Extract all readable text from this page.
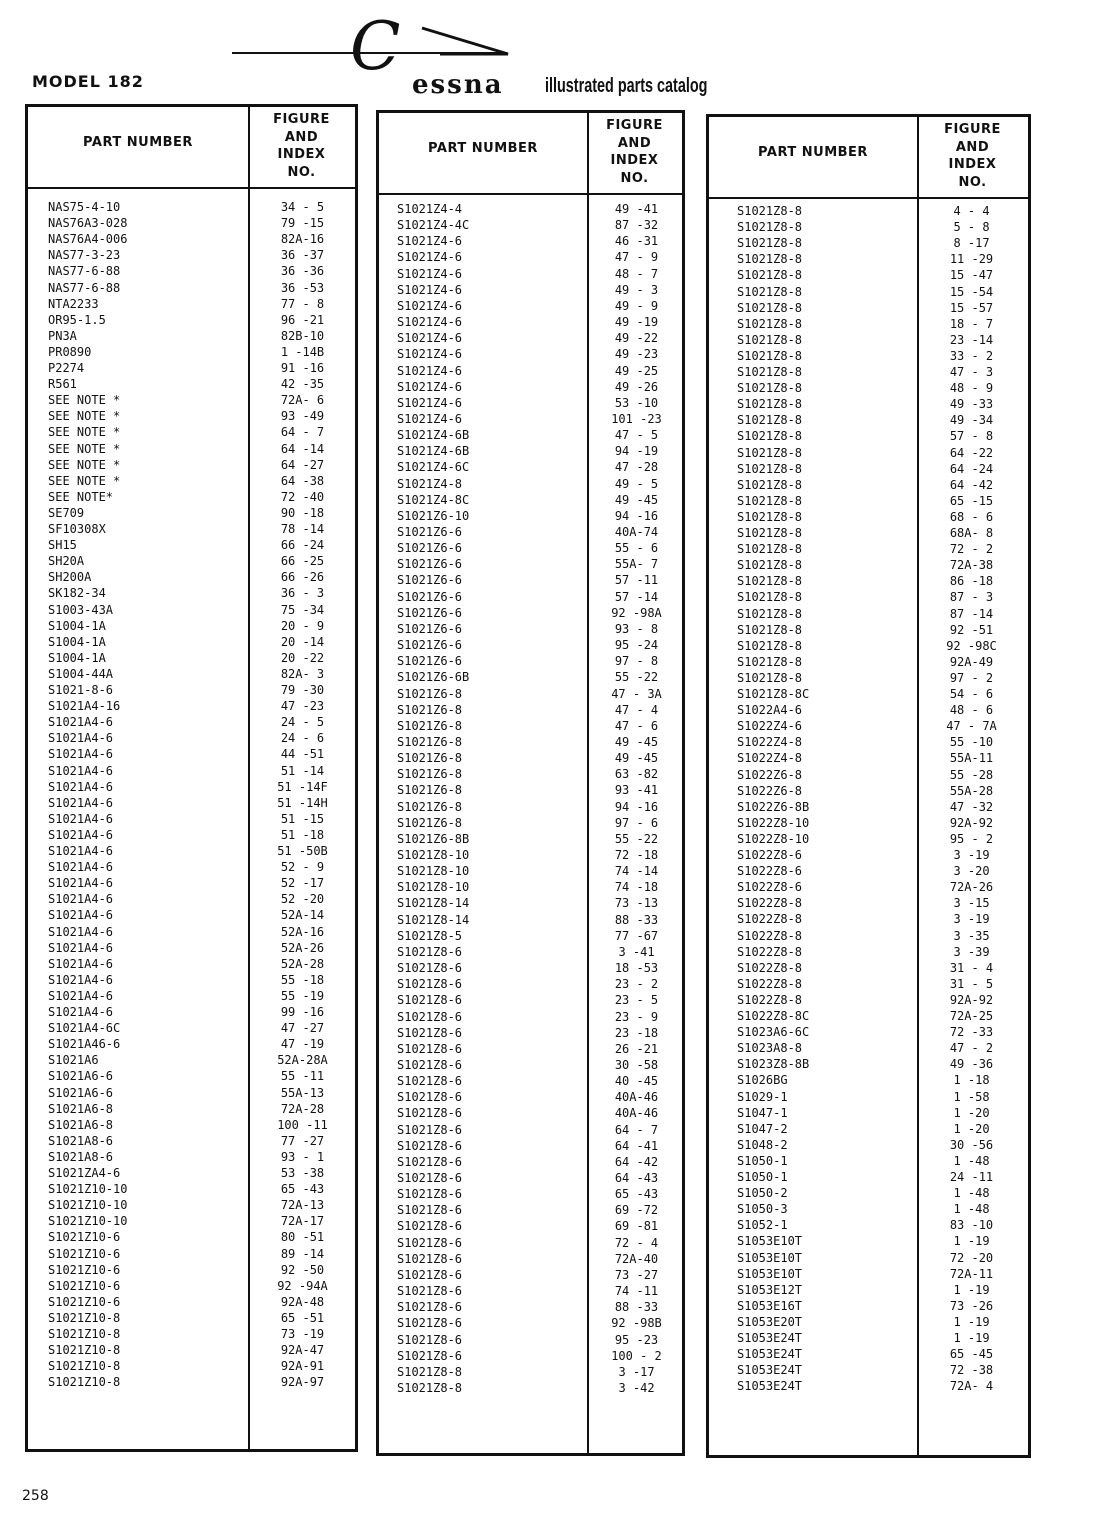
MODEL 182	C essna illustrated parts catalog
PART NUMBER
FIGURE
AND
INDEX
NO.
NAS75-4-10	34 - 5
NAS76A3-028	79 -15
NAS76A4-006	82A-16
NAS77-3-23	36 -37
NAS77-6-88	36 -36
NAS77-6-88	36 -53
NTA2233	77 - 8
OR95-1.5	96 -21
PN3A	82B-10
PR0890	1 -14B
P2274	91 -16
R561	42 -35
SEE NOTE *	72A- 6
SEE NOTE *	93 -49
SEE NOTE *	64 - 7
SEE NOTE *	64 -14
SEE NOTE *	64 -27
SEE NOTE *	64 -38
SEE NOTE*	72 -40
SE709	90 -18
SF10308X	78 -14
SH15	66 -24
SH20A	66 -25
SH200A	66 -26
SK182-34	36 - 3
S1003-43A	75 -34
S1004-1A	20 - 9
S1004-1A	20 -14
S1004-1A	20 -22
S1004-44A	82A- 3
S1021-8-6	79 -30
S1021A4-16	47 -23
S1021A4-6	24 - 5
S1021A4-6	24 - 6
S1021A4-6	44 -51
S1021A4-6	51 -14
S1021A4-6	51 -14F
S1021A4-6	51 -14H
S1021A4-6	51 -15
S1021A4-6	51 -18
S1021A4-6	51 -50B
S1021A4-6	52 - 9
S1021A4-6	52 -17
S1021A4-6	52 -20
S1021A4-6	52A-14
S1021A4-6	52A-16
S1021A4-6	52A-26
S1021A4-6	52A-28
S1021A4-6	55 -18
S1021A4-6	55 -19
S1021A4-6	99 -16
S1021A4-6C	47 -27
S1021A46-6	47 -19
S1021A6	52A-28A
S1021A6-6	55 -11
S1021A6-6	55A-13
S1021A6-8	72A-28
S1021A6-8	100 -11
S1021A8-6	77 -27
S1021A8-6	93 - 1
S1021ZA4-6	53 -38
S1021Z10-10	65 -43
S1021Z10-10	72A-13
S1021Z10-10	72A-17
S1021Z10-6	80 -51
S1021Z10-6	89 -14
S1021Z10-6	92 -50
S1021Z10-6	92 -94A
S1021Z10-6	92A-48
S1021Z10-8	65 -51
S1021Z10-8	73 -19
S1021Z10-8	92A-47
S1021Z10-8	92A-91
S1021Z10-8	92A-97
PART NUMBER
FIGURE
AND
INDEX
NO.
S1021Z4-4	49 -41
S1021Z4-4C	87 -32
S1021Z4-6	46 -31
S1021Z4-6	47 - 9
S1021Z4-6	48 - 7
S1021Z4-6	49 - 3
S1021Z4-6	49 - 9
S1021Z4-6	49 -19
S1021Z4-6	49 -22
S1021Z4-6	49 -23
S1021Z4-6	49 -25
S1021Z4-6	49 -26
S1021Z4-6	53 -10
S1021Z4-6	101 -23
S1021Z4-6B	47 - 5
S1021Z4-6B	94 -19
S1021Z4-6C	47 -28
S1021Z4-8	49 - 5
S1021Z4-8C	49 -45
S1021Z6-10	94 -16
S1021Z6-6	40A-74
S1021Z6-6	55 - 6
S1021Z6-6	55A- 7
S1021Z6-6	57 -11
S1021Z6-6	57 -14
S1021Z6-6	92 -98A
S1021Z6-6	93 - 8
S1021Z6-6	95 -24
S1021Z6-6	97 - 8
S1021Z6-6B	55 -22
S1021Z6-8	47 - 3A
S1021Z6-8	47 - 4
S1021Z6-8	47 - 6
S1021Z6-8	49 -45
S1021Z6-8	49 -45
S1021Z6-8	63 -82
S1021Z6-8	93 -41
S1021Z6-8	94 -16
S1021Z6-8	97 - 6
S1021Z6-8B	55 -22
S1021Z8-10	72 -18
S1021Z8-10	74 -14
S1021Z8-10	74 -18
S1021Z8-14	73 -13
S1021Z8-14	88 -33
S1021Z8-5	77 -67
S1021Z8-6	3 -41
S1021Z8-6	18 -53
S1021Z8-6	23 - 2
S1021Z8-6	23 - 5
S1021Z8-6	23 - 9
S1021Z8-6	23 -18
S1021Z8-6	26 -21
S1021Z8-6	30 -58
S1021Z8-6	40 -45
S1021Z8-6	40A-46
S1021Z8-6	40A-46
S1021Z8-6	64 - 7
S1021Z8-6	64 -41
S1021Z8-6	64 -42
S1021Z8-6	64 -43
S1021Z8-6	65 -43
S1021Z8-6	69 -72
S1021Z8-6	69 -81
S1021Z8-6	72 - 4
S1021Z8-6	72A-40
S1021Z8-6	73 -27
S1021Z8-6	74 -11
S1021Z8-6	88 -33
S1021Z8-6	92 -98B
S1021Z8-6	95 -23
S1021Z8-6	100 - 2
S1021Z8-8	3 -17
S1021Z8-8	3 -42
PART NUMBER
FIGURE
AND
INDEX
NO.
S1021Z8-8	4 - 4
S1021Z8-8	5 - 8
S1021Z8-8	8 -17
S1021Z8-8	11 -29
S1021Z8-8	15 -47
S1021Z8-8	15 -54
S1021Z8-8	15 -57
S1021Z8-8	18 - 7
S1021Z8-8	23 -14
S1021Z8-8	33 - 2
S1021Z8-8	47 - 3
S1021Z8-8	48 - 9
S1021Z8-8	49 -33
S1021Z8-8	49 -34
S1021Z8-8	57 - 8
S1021Z8-8	64 -22
S1021Z8-8	64 -24
S1021Z8-8	64 -42
S1021Z8-8	65 -15
S1021Z8-8	68 - 6
S1021Z8-8	68A- 8
S1021Z8-8	72 - 2
S1021Z8-8	72A-38
S1021Z8-8	86 -18
S1021Z8-8	87 - 3
S1021Z8-8	87 -14
S1021Z8-8	92 -51
S1021Z8-8	92 -98C
S1021Z8-8	92A-49
S1021Z8-8	97 - 2
S1021Z8-8C	54 - 6
S1022A4-6	48 - 6
S1022Z4-6	47 - 7A
S1022Z4-8	55 -10
S1022Z4-8	55A-11
S1022Z6-8	55 -28
S1022Z6-8	55A-28
S1022Z6-8B	47 -32
S1022Z8-10	92A-92
S1022Z8-10	95 - 2
S1022Z8-6	3 -19
S1022Z8-6	3 -20
S1022Z8-6	72A-26
S1022Z8-8	3 -15
S1022Z8-8	3 -19
S1022Z8-8	3 -35
S1022Z8-8	3 -39
S1022Z8-8	31 - 4
S1022Z8-8	31 - 5
S1022Z8-8	92A-92
S1022Z8-8C	72A-25
S1023A6-6C	72 -33
S1023A8-8	47 - 2
S1023Z8-8B	49 -36
S1026BG	1 -18
S1029-1	1 -58
S1047-1	1 -20
S1047-2	1 -20
S1048-2	30 -56
S1050-1	1 -48
S1050-1	24 -11
S1050-2	1 -48
S1050-3	1 -48
S1052-1	83 -10
S1053E10T	1 -19
S1053E10T	72 -20
S1053E10T	72A-11
S1053E12T	1 -19
S1053E16T	73 -26
S1053E20T	1 -19
S1053E24T	1 -19
S1053E24T	65 -45
S1053E24T	72 -38
S1053E24T	72A- 4
258
